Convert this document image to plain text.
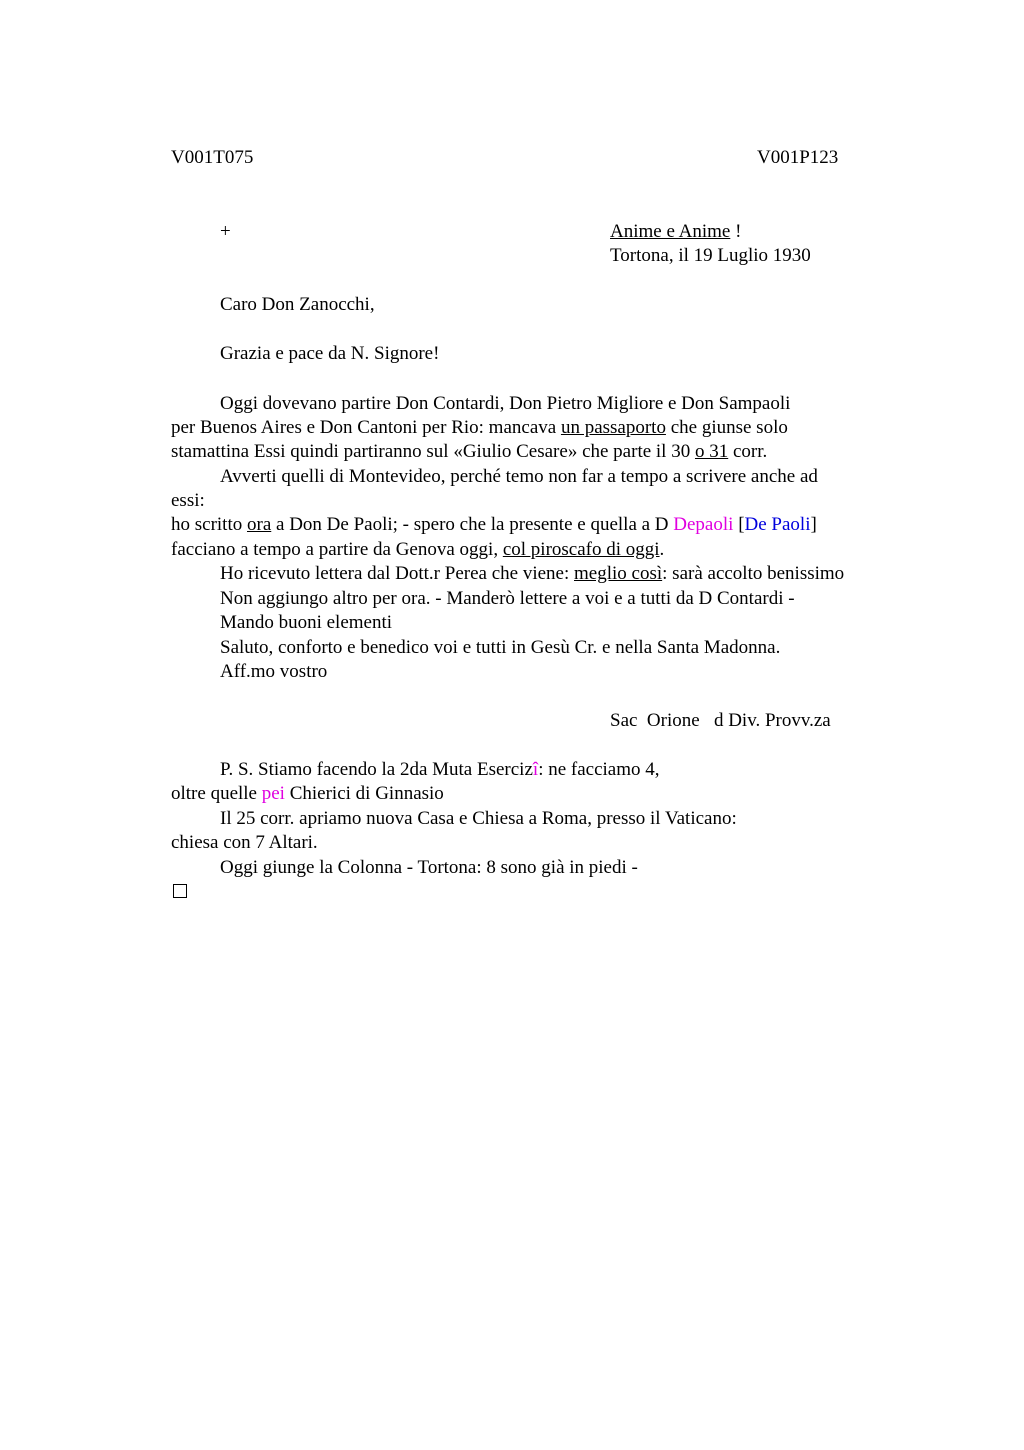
V001T075	V001P123
+	Anime e Anime !
Tortona, il 19 Luglio 1930
Caro Don Zanocchi,
Grazia e pace da N. Signore!
Oggi dovevano partire Don Contardi, Don Pietro Migliore e Don Sampaoli
per Buenos Aires e Don Cantoni per Rio: mancava un passaporto che giunse solo
stamattina Essi quindi partiranno sul «Giulio Cesare» che parte il 30 o 31 corr.
Avverti quelli di Montevideo, perché temo non far a tempo a scrivere anche ad
essi:
ho scritto ora a Don De Paoli; - spero che la presente e quella a D Depaoli [De Paoli]
facciano a tempo a partire da Genova oggi, col piroscafo di oggi.
Ho ricevuto lettera dal Dott.r Perea che viene: meglio così: sarà accolto benissimo
Non aggiungo altro per ora. - Manderò lettere a voi e a tutti da D Contardi -
Mando buoni elementi
Saluto, conforto e benedico voi e tutti in Gesù Cr. e nella Santa Madonna.
Aff.mo vostro
Sac  Orione   d Div. Provv.za
P. S. Stiamo facendo la 2da Muta Esercizî: ne facciamo 4,
oltre quelle pei Chierici di Ginnasio
Il 25 corr. apriamo nuova Casa e Chiesa a Roma, presso il Vaticano:
chiesa con 7 Altari.
Oggi giunge la Colonna - Tortona: 8 sono già in piedi -
